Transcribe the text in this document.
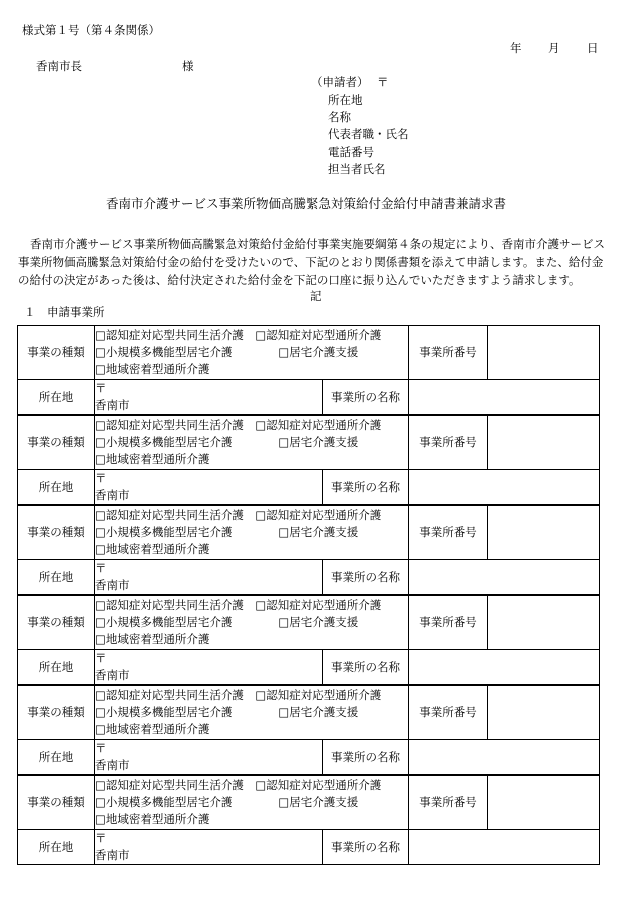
様式第１号（第４条関係）
年 月 日
香南市長	様
（申請者） 〒
所在地
名称
代表者職・氏名
電話番号
担当者氏名
香南市介護サービス事業所物価高騰緊急対策給付金給付申請書兼請求書
香南市介護サービス事業所物価高騰緊急対策給付金給付事業実施要綱第４条の規定により、香南市介護サービス事業所物価高騰緊急対策給付金の給付を受けたいので、下記のとおり関係書類を添えて申請します。また、給付金の給付の決定があった後は、給付決定された給付金を下記の口座に振り込んでいただきますよう請求します。
記
１　申請事業所
事業の種類	□認知症対応型共同生活介護　 □認知症対応型通所介護
□小規模多機能型居宅介護　　　　 □居宅介護支援
□地域密着型通所介護		事業所番号	
所在地	〒
香南市	事業所の名称		
事業の種類	□認知症対応型共同生活介護　 □認知症対応型通所介護
□小規模多機能型居宅介護　　　　 □居宅介護支援
□地域密着型通所介護		事業所番号	
所在地	〒
香南市	事業所の名称		
事業の種類	□認知症対応型共同生活介護　 □認知症対応型通所介護
□小規模多機能型居宅介護　　　　 □居宅介護支援
□地域密着型通所介護		事業所番号	
所在地	〒
香南市	事業所の名称		
事業の種類	□認知症対応型共同生活介護　 □認知症対応型通所介護
□小規模多機能型居宅介護　　　　 □居宅介護支援
□地域密着型通所介護		事業所番号	
所在地	〒
香南市	事業所の名称		
事業の種類	□認知症対応型共同生活介護　 □認知症対応型通所介護
□小規模多機能型居宅介護　　　　 □居宅介護支援
□地域密着型通所介護		事業所番号	
所在地	〒
香南市	事業所の名称		
事業の種類	□認知症対応型共同生活介護　 □認知症対応型通所介護
□小規模多機能型居宅介護　　　　 □居宅介護支援
□地域密着型通所介護		事業所番号	
所在地	〒
香南市	事業所の名称		
